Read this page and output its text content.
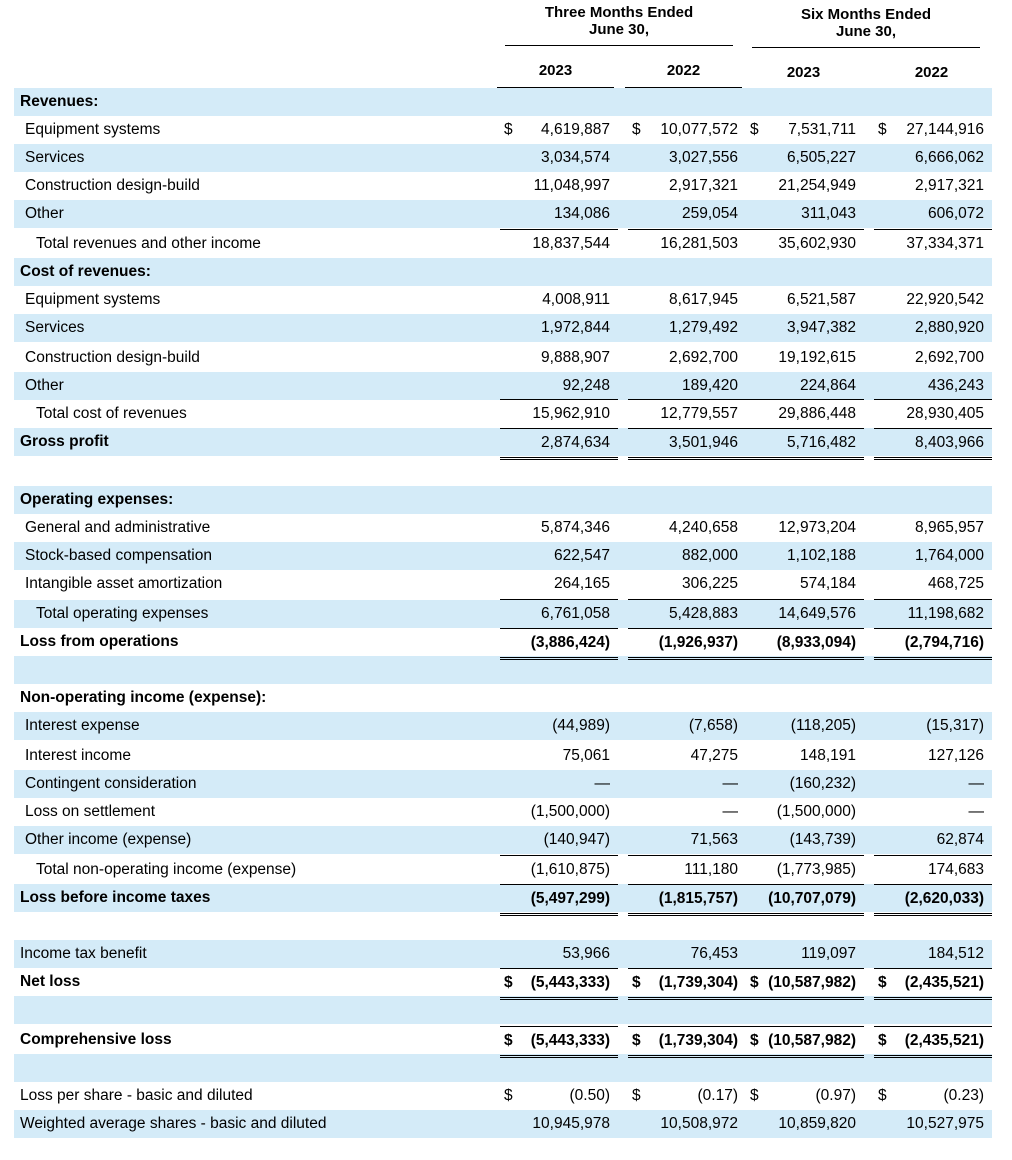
Three Months Ended
June 30,
Six Months Ended
June 30,
2023	2022	2023	2022
Revenues:
Equipment systems	$ 4,619,887 $ 10,077,572 $ 7,531,711 $ 27,144,916
Services	3,034,574	3,027,556	6,505,227	6,666,062
Construction design-build	11,048,997	2,917,321	21,254,949	2,917,321
Other	134,086	259,054	311,043	606,072
Total revenues and other income	18,837,544	16,281,503	35,602,930	37,334,371
Cost of revenues:
Equipment systems	4,008,911	8,617,945	6,521,587	22,920,542
Services	1,972,844	1,279,492	3,947,382	2,880,920
Construction design-build	9,888,907	2,692,700	19,192,615	2,692,700
Other	92,248	189,420	224,864	436,243
Total cost of revenues	15,962,910	12,779,557	29,886,448	28,930,405
Gross profit	2,874,634	3,501,946	5,716,482	8,403,966
Operating expenses:
General and administrative	5,874,346	4,240,658	12,973,204	8,965,957
Stock-based compensation	622,547	882,000	1,102,188	1,764,000
Intangible asset amortization	264,165	306,225	574,184	468,725
Total operating expenses	6,761,058	5,428,883	14,649,576	11,198,682
Loss from operations	(3,886,424)	(1,926,937) (8,933,094)	(2,794,716)
Non-operating income (expense):
Interest expense	(44,989)	(7,658)	(118,205)	(15,317)
Interest income	75,061	47,275	148,191	127,126
Contingent consideration	—	—	(160,232)	—
Loss on settlement	(1,500,000)	— (1,500,000)	—
Other income (expense)	(140,947)	71,563	(143,739)	62,874
Total non-operating income (expense)	(1,610,875)	111,180 (1,773,985)	174,683
Loss before income taxes	(5,497,299)	(1,815,757) (10,707,079)	(2,620,033)
Income tax benefit	53,966	76,453	119,097	184,512
Net loss	$ (5,443,333) $ (1,739,304) $ (10,587,982) $ (2,435,521)
Comprehensive loss	$ (5,443,333) $ (1,739,304) $ (10,587,982) $ (2,435,521)
Loss per share - basic and diluted	$	(0.50) $	(0.17) $	(0.97) $	(0.23)
Weighted average shares - basic and diluted	10,945,978	10,508,972	10,859,820	10,527,975
